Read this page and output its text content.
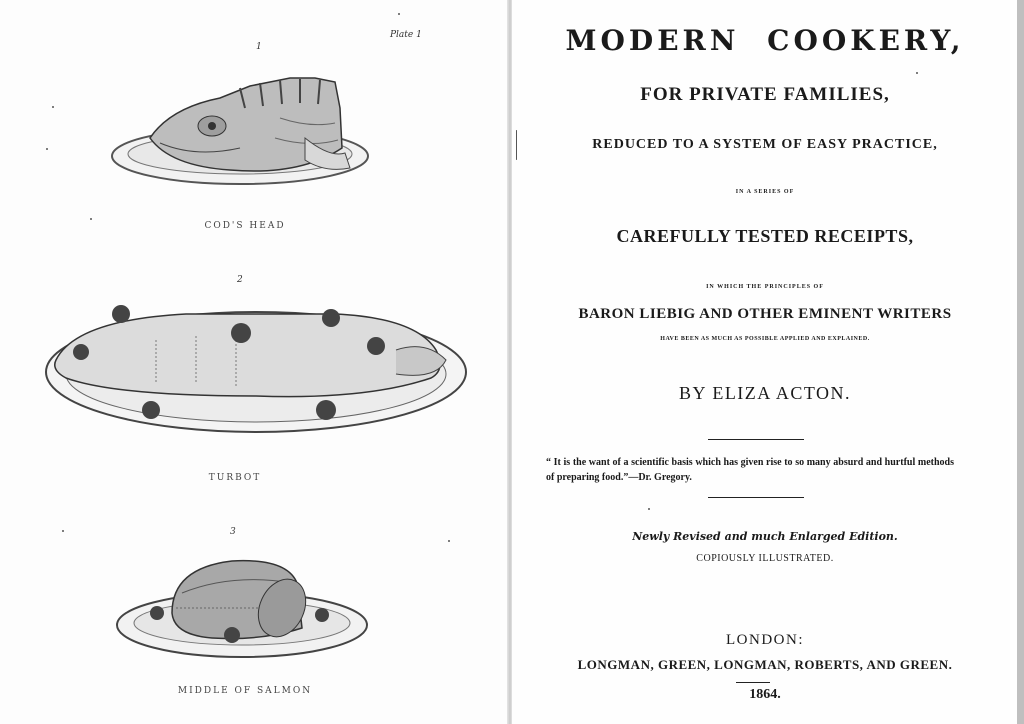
Plate 1
1
COD'S HEAD
2
TURBOT
3
MIDDLE OF SALMON
MODERN COOKERY,
FOR PRIVATE FAMILIES,
REDUCED TO A SYSTEM OF EASY PRACTICE,
IN A SERIES OF
CAREFULLY TESTED RECEIPTS,
IN WHICH THE PRINCIPLES OF
BARON LIEBIG AND OTHER EMINENT WRITERS
HAVE BEEN AS MUCH AS POSSIBLE APPLIED AND EXPLAINED.
BY ELIZA ACTON.
“ It is the want of a scientific basis which has given rise to so many absurd and hurtful methods of preparing food.”—Dr. Gregory.
Newly Revised and much Enlarged Edition.
COPIOUSLY ILLUSTRATED.
LONDON:
LONGMAN, GREEN, LONGMAN, ROBERTS, AND GREEN.
1864.
